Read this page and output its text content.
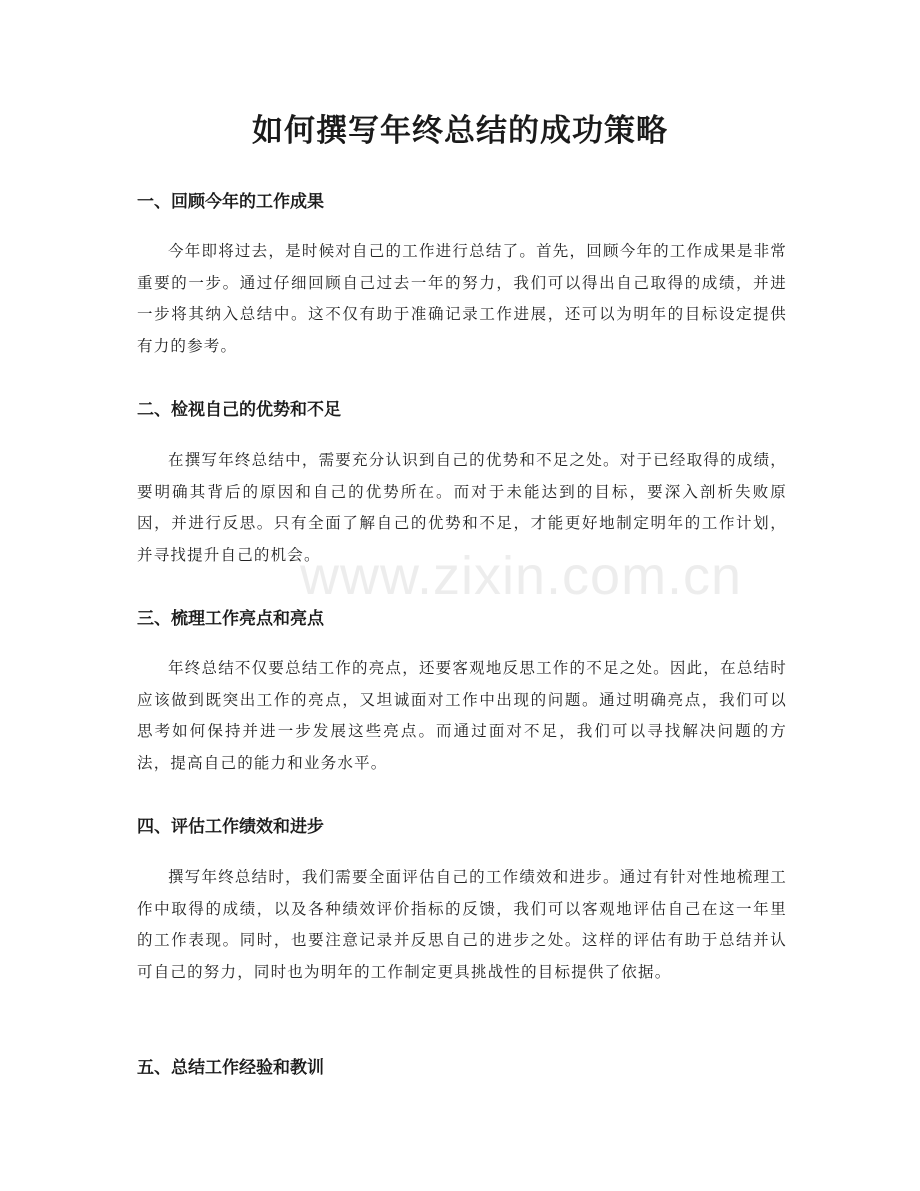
如何撰写年终总结的成功策略
一、回顾今年的工作成果

今年即将过去，是时候对自己的工作进行总结了。首先，回顾今年的工作成果是非常重要的一步。通过仔细回顾自己过去一年的努力，我们可以得出自己取得的成绩，并进一步将其纳入总结中。这不仅有助于准确记录工作进展，还可以为明年的目标设定提供有力的参考。

二、检视自己的优势和不足

在撰写年终总结中，需要充分认识到自己的优势和不足之处。对于已经取得的成绩，要明确其背后的原因和自己的优势所在。而对于未能达到的目标，要深入剖析失败原因，并进行反思。只有全面了解自己的优势和不足，才能更好地制定明年的工作计划，并寻找提升自己的机会。

三、梳理工作亮点和亮点

年终总结不仅要总结工作的亮点，还要客观地反思工作的不足之处。因此，在总结时应该做到既突出工作的亮点，又坦诚面对工作中出现的问题。通过明确亮点，我们可以思考如何保持并进一步发展这些亮点。而通过面对不足，我们可以寻找解决问题的方法，提高自己的能力和业务水平。

四、评估工作绩效和进步

撰写年终总结时，我们需要全面评估自己的工作绩效和进步。通过有针对性地梳理工作中取得的成绩，以及各种绩效评价指标的反馈，我们可以客观地评估自己在这一年里的工作表现。同时，也要注意记录并反思自己的进步之处。这样的评估有助于总结并认可自己的努力，同时也为明年的工作制定更具挑战性的目标提供了依据。

五、总结工作经验和教训
www.zixin.com.cn
